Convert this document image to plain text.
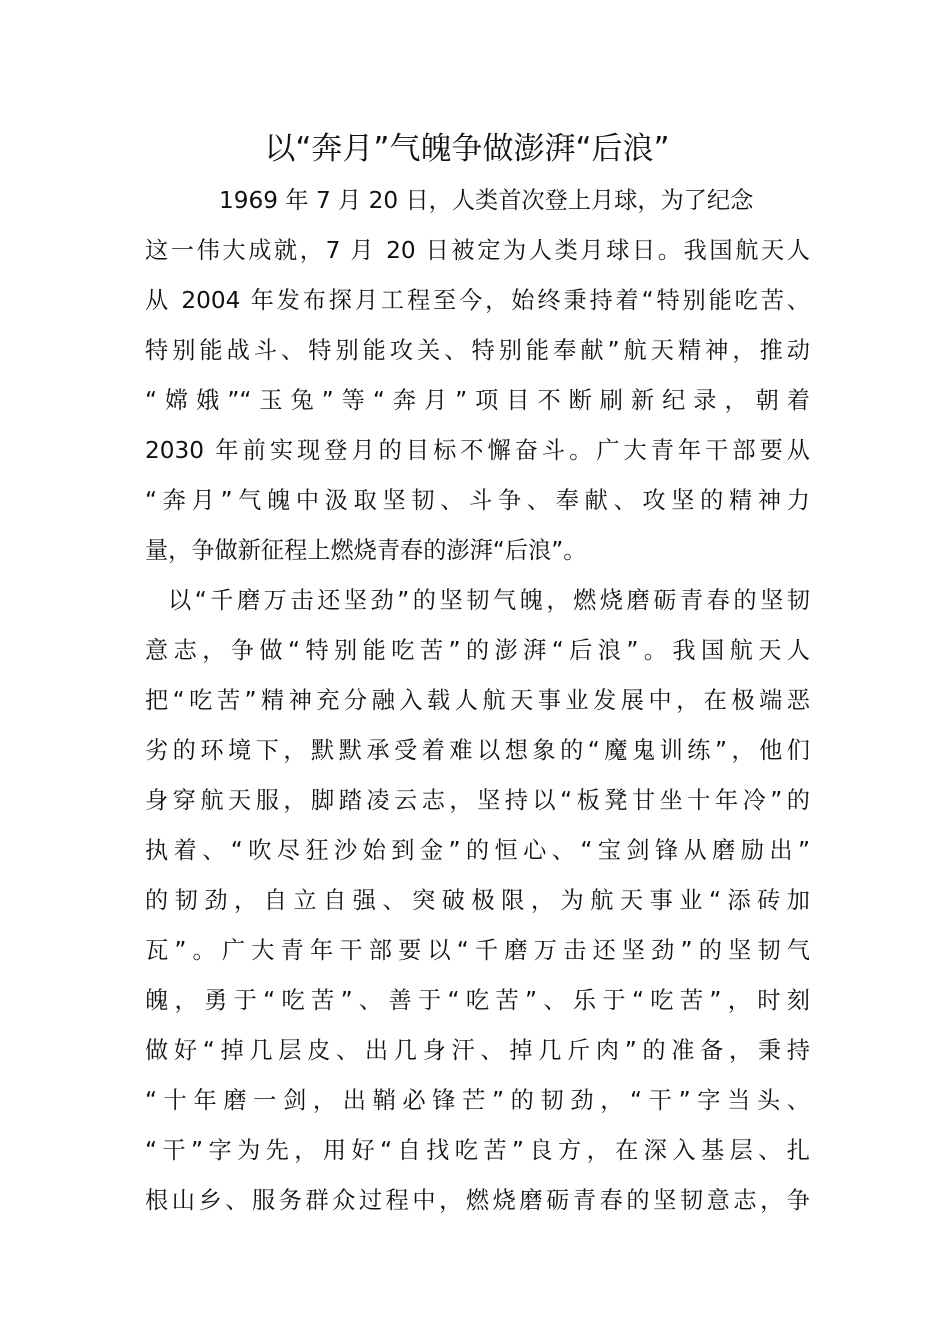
以“奔月”气魄争做澎湃“后浪”
1969 年 7 月 20 日，人类首次登上月球，为了纪念
这一伟大成就，7 月 20 日被定为人类月球日。我国航天人
从 2004 年发布探月工程至今，始终秉持着“特别能吃苦、
特别能战斗、特别能攻关、特别能奉献”航天精神，推动
“嫦娥”“玉兔”等“奔月”项目不断刷新纪录，朝着
2030 年前实现登月的目标不懈奋斗。广大青年干部要从
“奔月”气魄中汲取坚韧、斗争、奉献、攻坚的精神力
量，争做新征程上燃烧青春的澎湃“后浪”。
以“千磨万击还坚劲”的坚韧气魄，燃烧磨砺青春的坚韧
意志，争做“特别能吃苦”的澎湃“后浪”。我国航天人
把“吃苦”精神充分融入载人航天事业发展中，在极端恶
劣的环境下，默默承受着难以想象的“魔鬼训练”，他们
身穿航天服，脚踏凌云志，坚持以“板凳甘坐十年冷”的
执着、“吹尽狂沙始到金”的恒心、“宝剑锋从磨励出”
的韧劲，自立自强、突破极限，为航天事业“添砖加
瓦”。广大青年干部要以“千磨万击还坚劲”的坚韧气
魄，勇于“吃苦”、善于“吃苦”、乐于“吃苦”，时刻
做好“掉几层皮、出几身汗、掉几斤肉”的准备，秉持
“十年磨一剑，出鞘必锋芒”的韧劲，“干”字当头、
“干”字为先，用好“自找吃苦”良方，在深入基层、扎
根山乡、服务群众过程中，燃烧磨砺青春的坚韧意志，争
